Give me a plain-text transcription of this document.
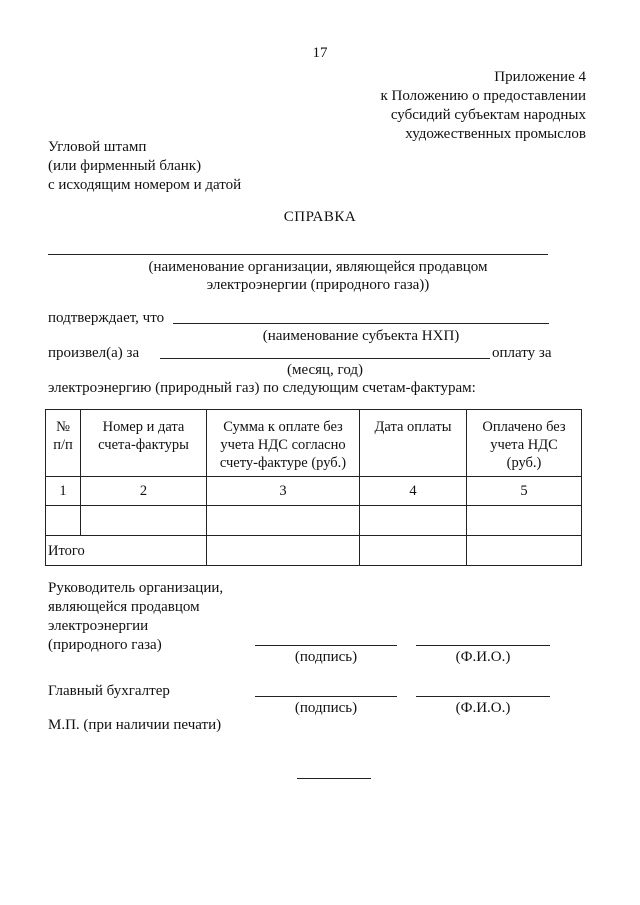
17
Приложение 4
к Положению о предоставлении
субсидий субъектам народных
художественных промыслов
Угловой штамп
(или фирменный бланк)
с исходящим номером и датой
СПРАВКА
(наименование организации, являющейся продавцом
электроэнергии (природного газа))
подтверждает, что
(наименование субъекта НХП)
произвел(а) за	оплату за
(месяц, год)
электроэнергию (природный газ) по следующим счетам-фактурам:
№ п/п	Номер и дата счета-фактуры	Сумма к оплате без учета НДС согласно счету-фактуре (руб.)	Дата оплаты	Оплачено без учета НДС (руб.)

1	2	3	4	5

Итого				
Руководитель организации,
являющейся продавцом
электроэнергии
(природного газа)
(подпись)	(Ф.И.О.)
Главный бухгалтер
(подпись)	(Ф.И.О.)
М.П. (при наличии печати)
